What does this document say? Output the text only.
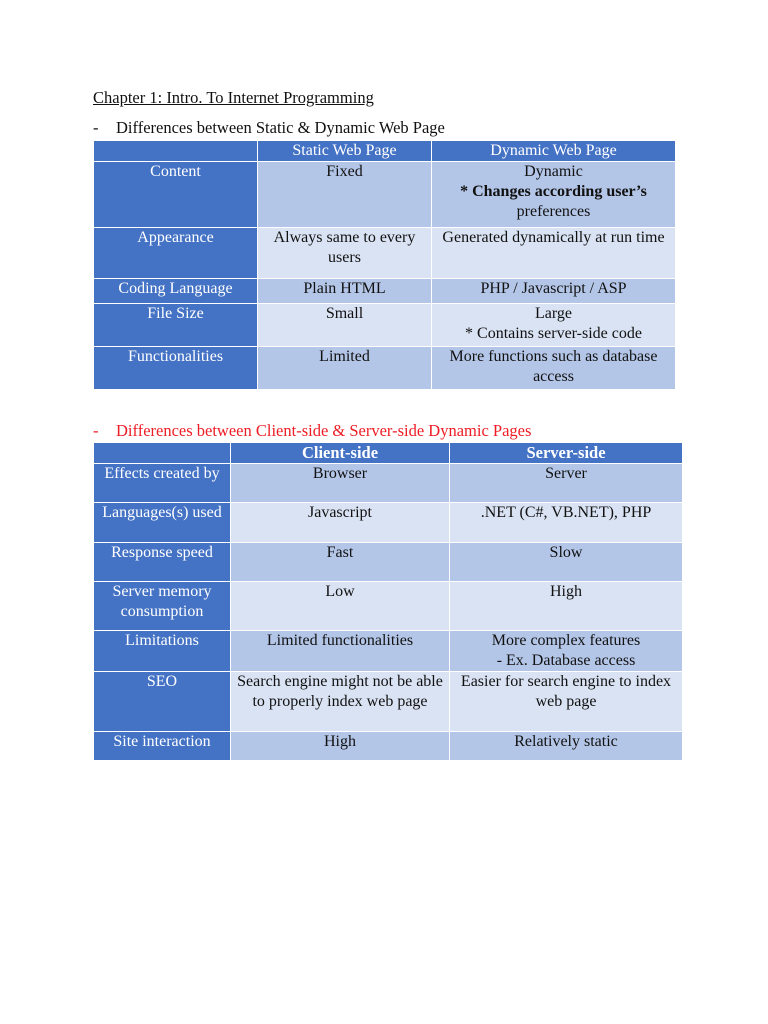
Chapter 1: Intro. To Internet Programming
- Differences between Static & Dynamic Web Page
	Static Web Page	Dynamic Web Page
Content	Fixed	Dynamic
* Changes according user’s
preferences

Appearance	Always same to every users	Generated dynamically at run time
Coding Language	Plain HTML	PHP / Javascript / ASP
File Size	Small	Large
* Contains server-side code

Functionalities	Limited	More functions such as database access
- Differences between Client-side & Server-side Dynamic Pages
	Client-side	Server-side
Effects created by	Browser	Server
Languages(s) used	Javascript	.NET (C#, VB.NET), PHP
Response speed	Fast	Slow
Server memory consumption	Low	High
Limitations	Limited functionalities	More complex features
- Ex. Database access

SEO	Search engine might not be able to properly index web page	Easier for search engine to index web page
Site interaction	High	Relatively static
